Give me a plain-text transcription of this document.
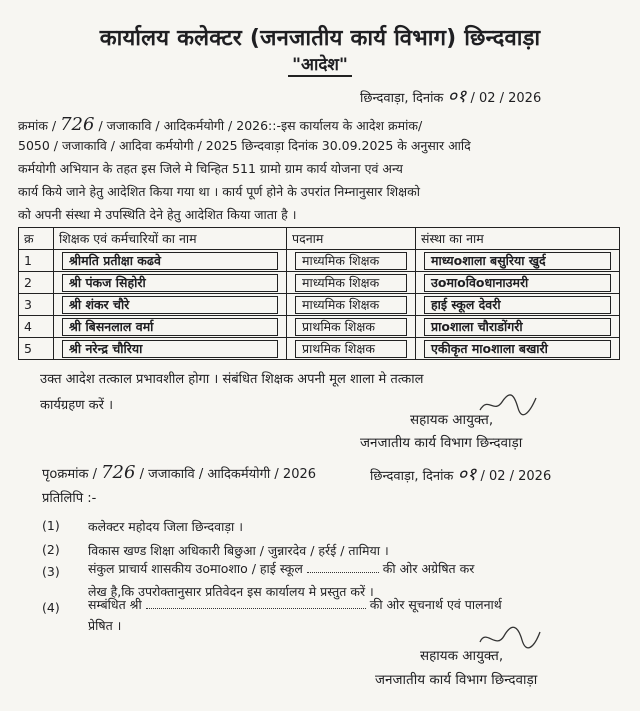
कार्यालय कलेक्टर (जनजातीय कार्य विभाग) छिन्दवाड़ा
"आदेश"
छिन्दवाड़ा, दिनांक ०१ / 02 / 2026
क्रमांक / 726 / जजाकावि / आदिकर्मयोगी / 2026::-इस कार्यालय के आदेश क्रमांक/
5050 / जजाकावि / आदिवा कर्मयोगी / 2025 छिन्दवाड़ा दिनांक 30.09.2025 के अनुसार आदि
कर्मयोगी अभियान के तहत इस जिले मे चिन्हित 511 ग्रामो ग्राम कार्य योजना एवं अन्य
कार्य किये जाने हेतु आदेशित किया गया था । कार्य पूर्ण होने के उपरांत निम्नानुसार शिक्षको
को अपनी संस्था मे उपस्थिति देने हेतु आदेशित किया जाता है ।
क्र	शिक्षक एवं कर्मचारियों का नाम	पदनाम	संस्था का नाम
1	श्रीमति प्रतीक्षा कढवे	माध्यमिक शिक्षक	माध्यoशाला बसुरिया खुर्द

2	श्री पंकज सिहोरी	माध्यमिक शिक्षक	उoमाoविoधानाउमरी

3	श्री शंकर चौरे	माध्यमिक शिक्षक	हाई स्कूल देवरी

4	श्री बिसनलाल वर्मा	प्राथमिक शिक्षक	प्राoशाला चौराडोंगरी

5	श्री नरेन्द्र चौरिया	प्राथमिक शिक्षक	एकीकृत माoशाला बखारी
उक्त आदेश तत्काल प्रभावशील होगा । संबंधित शिक्षक अपनी मूल शाला मे तत्काल
कार्यग्रहण करें ।
सहायक आयुक्त,
जनजातीय कार्य विभाग छिन्दवाड़ा
पृoक्रमांक / 726 / जजाकावि / आदिकर्मयोगी / 2026	छिन्दवाड़ा, दिनांक ०१ / 02 / 2026
प्रतिलिपि :-
(1) कलेक्टर महोदय जिला छिन्दवाड़ा ।
(2) विकास खण्ड शिक्षा अधिकारी बिछुआ / जुन्नारदेव / हर्रई / तामिया ।
(3) संकुल प्राचार्य शासकीय उoमाoशाo / हाई स्कूल	की ओर अग्रेषित कर
लेख है,कि उपरोक्तानुसार प्रतिवेदन इस कार्यालय मे प्रस्तुत करें ।
(4) सम्बंधित श्री	की ओर सूचनार्थ एवं पालनार्थ
प्रेषित ।
सहायक आयुक्त,
जनजातीय कार्य विभाग छिन्दवाड़ा
